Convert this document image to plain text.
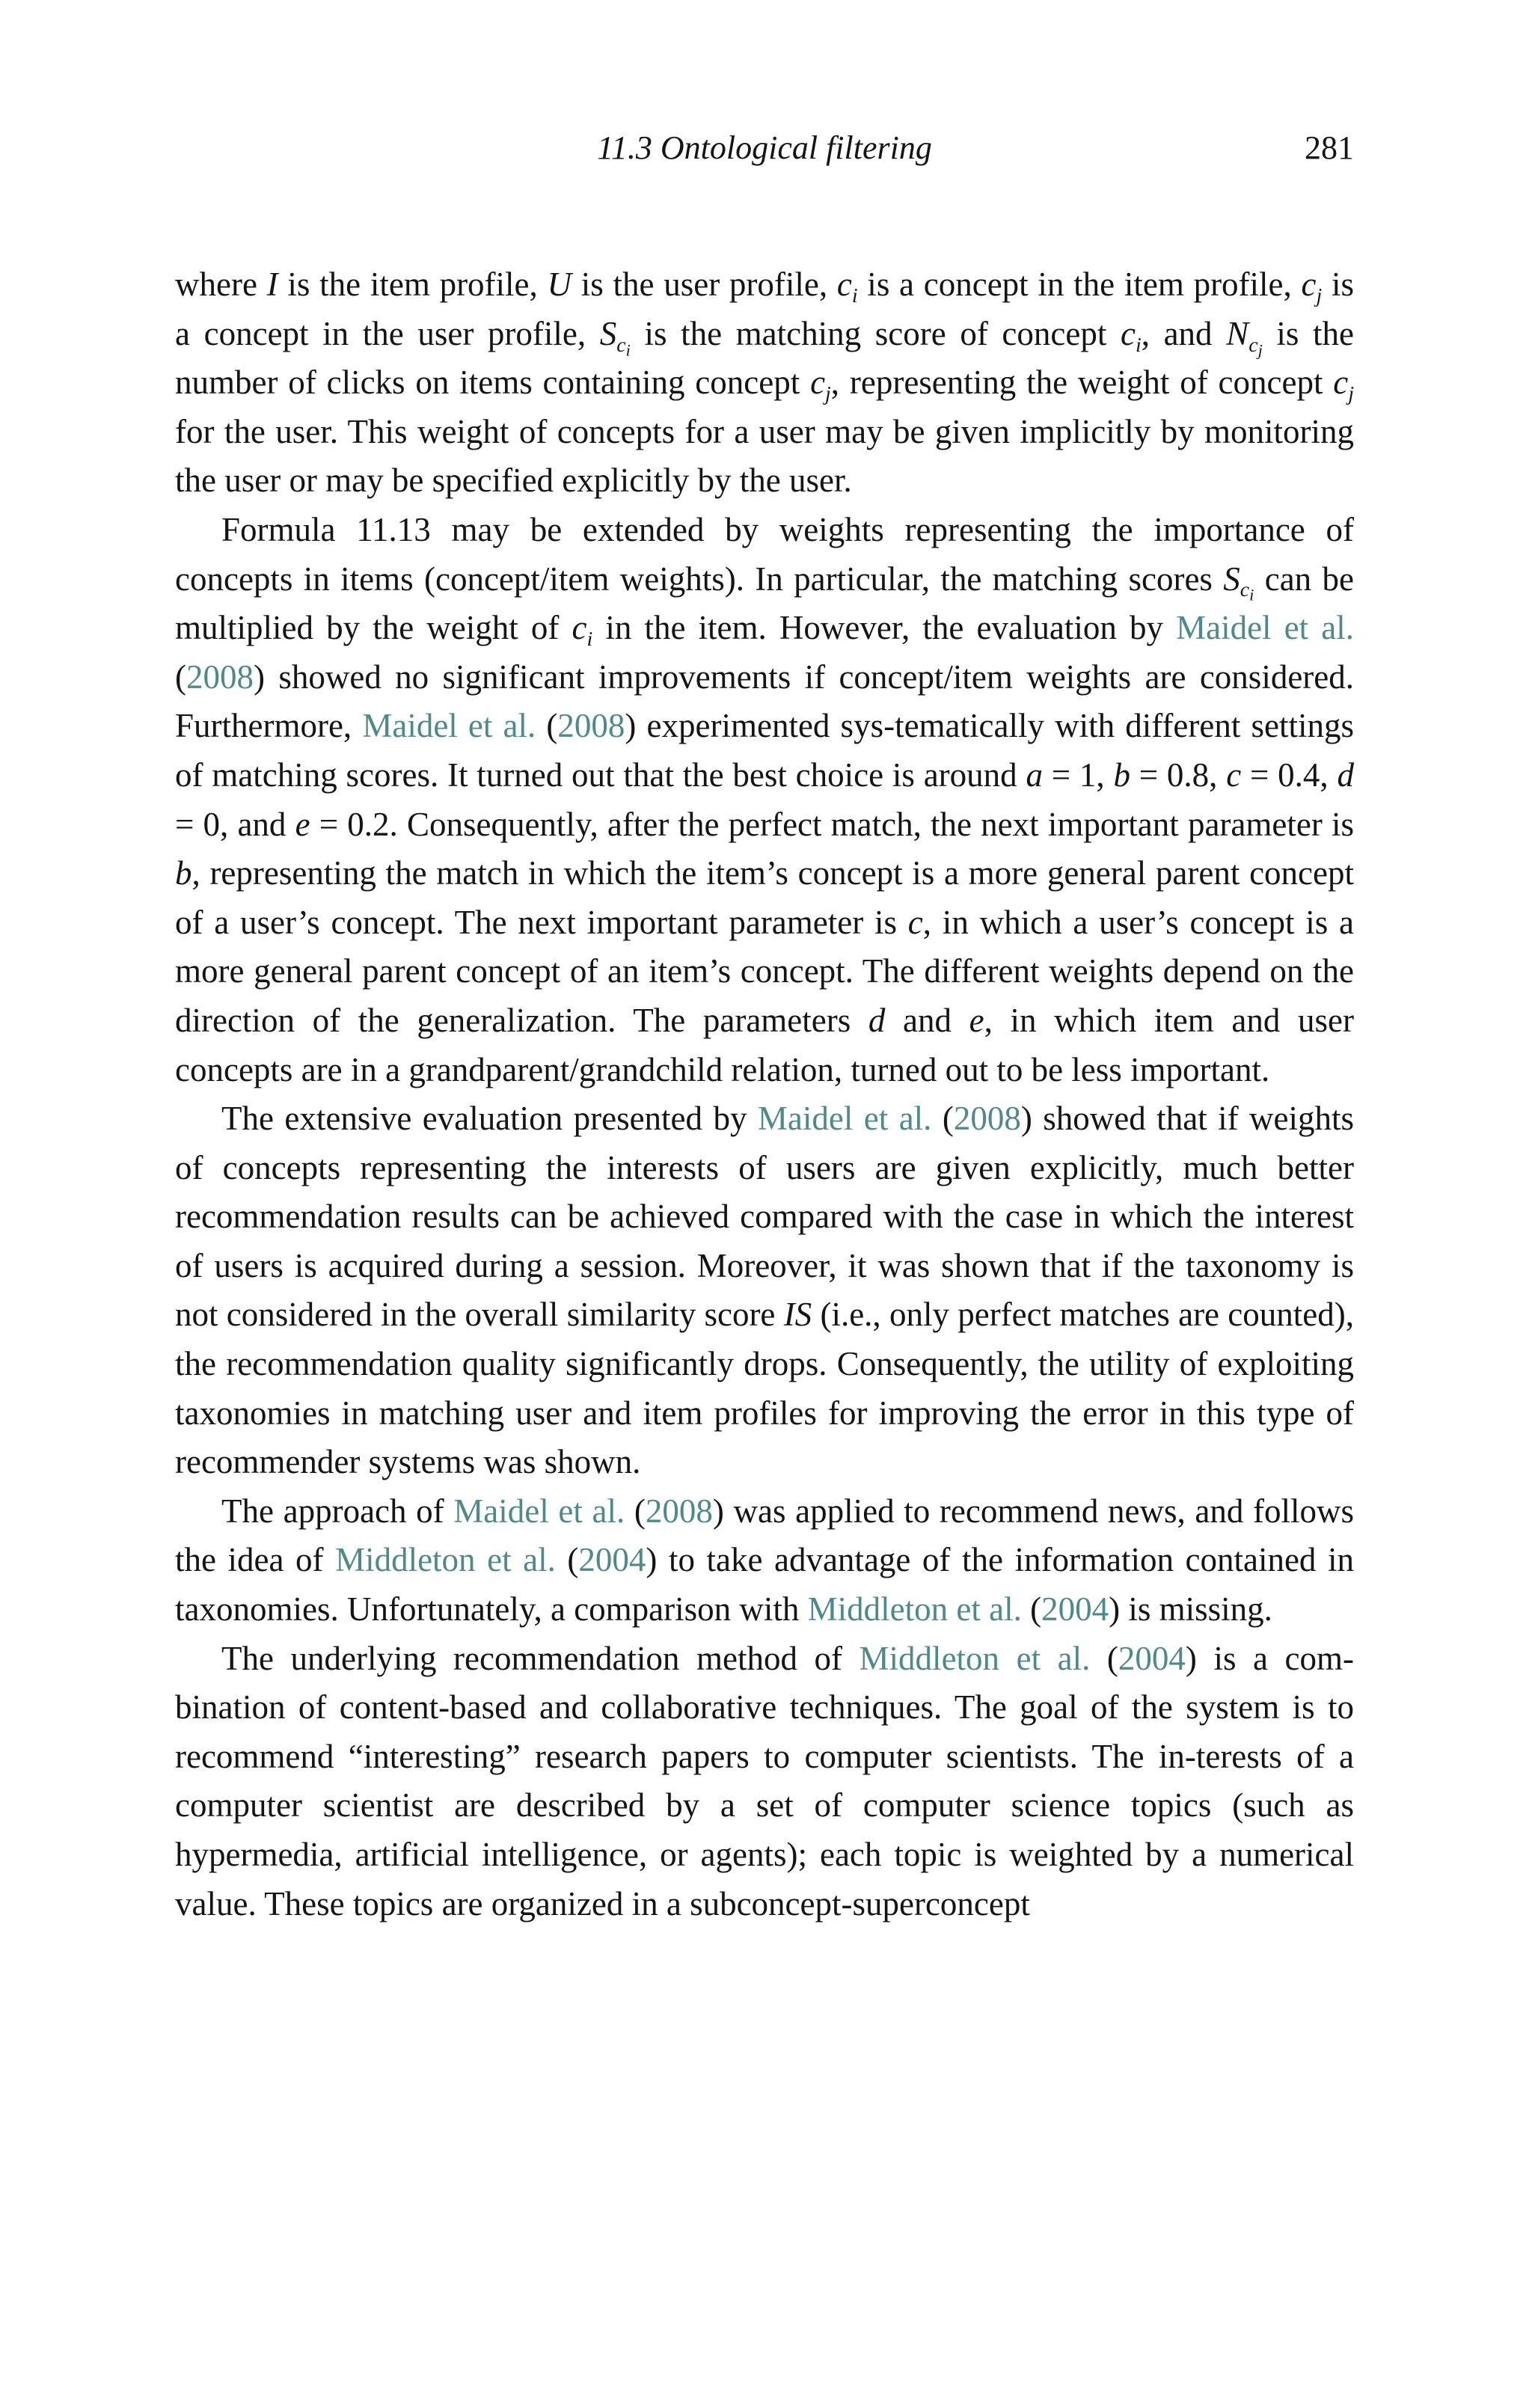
11.3 Ontological filtering	281

where I is the item profile, U is the user profile, $c_i$ is a concept in the item profile, $c_j$ is a concept in the user profile, $S_{c_i}$ is the matching score of concept $c_i$, and $N_{c_j}$ is the number of clicks on items containing concept $c_j$, representing the weight of concept $c_j$ for the user. This weight of concepts for a user may be given implicitly by monitoring the user or may be specified explicitly by the user.

Formula 11.13 may be extended by weights representing the importance of concepts in items (concept/item weights). In particular, the matching scores $S_{c_i}$ can be multiplied by the weight of $c_i$ in the item. However, the evaluation by Maidel et al. (2008) showed no significant improvements if concept/item weights are considered. Furthermore, Maidel et al. (2008) experimented sys-tematically with different settings of matching scores. It turned out that the best choice is around a = 1, b = 0.8, c = 0.4, d = 0, and e = 0.2. Consequently, after the perfect match, the next important parameter is b, representing the match in which the item’s concept is a more general parent concept of a user’s concept. The next important parameter is c, in which a user’s concept is a more general parent concept of an item’s concept. The different weights depend on the direction of the generalization. The parameters d and e, in which item and user concepts are in a grandparent/grandchild relation, turned out to be less important.

The extensive evaluation presented by Maidel et al. (2008) showed that if weights of concepts representing the interests of users are given explicitly, much better recommendation results can be achieved compared with the case in which the interest of users is acquired during a session. Moreover, it was shown that if the taxonomy is not considered in the overall similarity score IS (i.e., only perfect matches are counted), the recommendation quality significantly drops. Consequently, the utility of exploiting taxonomies in matching user and item profiles for improving the error in this type of recommender systems was shown.

The approach of Maidel et al. (2008) was applied to recommend news, and follows the idea of Middleton et al. (2004) to take advantage of the information contained in taxonomies. Unfortunately, a comparison with Middleton et al. (2004) is missing.

The underlying recommendation method of Middleton et al. (2004) is a com-bination of content-based and collaborative techniques. The goal of the system is to recommend “interesting” research papers to computer scientists. The in-terests of a computer scientist are described by a set of computer science topics (such as hypermedia, artificial intelligence, or agents); each topic is weighted by a numerical value. These topics are organized in a subconcept-superconcept
